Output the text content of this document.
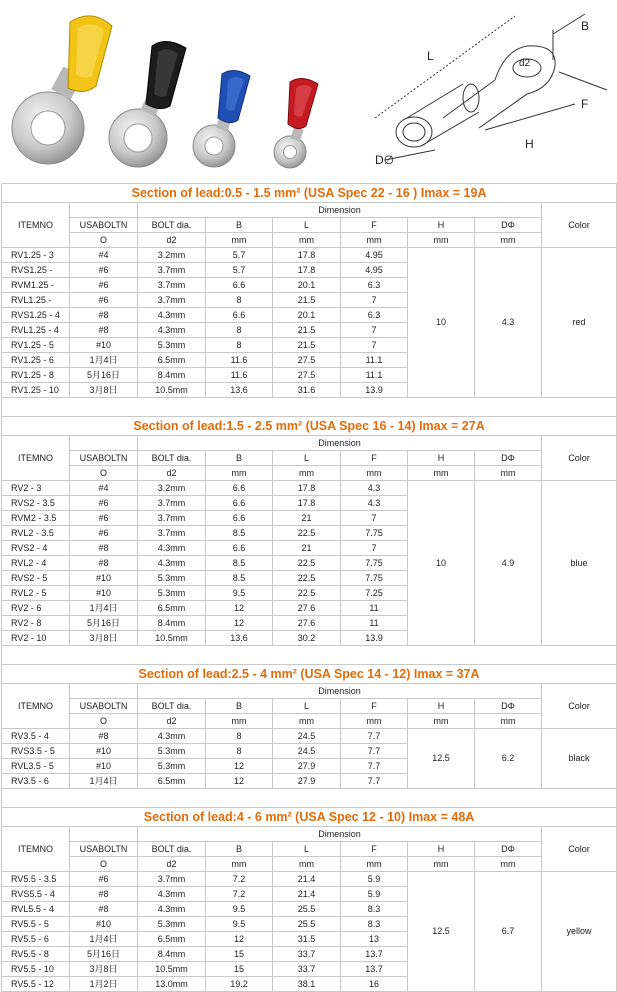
B
L
d2
F
H
D∅
Section of lead:0.5 - 1.5 mm² (USA Spec 22 - 16 ) Imax = 19A								
ITEMNO		Dimension						Color
	USABOLTN	BOLT dia.	B	L	F	H	DΦ	
	O	d2	mm	mm	mm	mm	mm	
RV1.25 - 3	#4	3.2mm	5.7	17.8	4.95	10	4.3	red
RVS1.25 -	#6	3.7mm	5.7	17.8	4.95			
RVM1.25 -	#6	3.7mm	6.6	20.1	6.3			
RVL1.25 -	#6	3.7mm	8	21.5	7			
RVS1.25 - 4	#8	4.3mm	6.6	20.1	6.3			
RVL1.25 - 4	#8	4.3mm	8	21.5	7			
RV1.25 - 5	#10	5.3mm	8	21.5	7			
RV1.25 - 6	1月4日	6.5mm	11.6	27.5	11.1			
RV1.25 - 8	5月16日	8.4mm	11.6	27.5	11.1			
RV1.25 - 10	3月8日	10.5mm	13.6	31.6	13.9			

Section of lead:1.5 - 2.5 mm² (USA Spec 16 - 14) Imax = 27A								
ITEMNO		Dimension						Color
	USABOLTN	BOLT dia.	B	L	F	H	DΦ	
	O	d2	mm	mm	mm	mm	mm	
RV2 - 3	#4	3.2mm	6.6	17.8	4.3	10	4.9	blue
RVS2 - 3.5	#6	3.7mm	6.6	17.8	4.3			
RVM2 - 3.5	#6	3.7mm	6.6	21	7			
RVL2 - 3.5	#6	3.7mm	8.5	22.5	7.75			
RVS2 - 4	#8	4.3mm	6.6	21	7			
RVL2 - 4	#8	4.3mm	8.5	22.5	7.75			
RVS2 - 5	#10	5.3mm	8.5	22.5	7.75			
RVL2 - 5	#10	5.3mm	9.5	22.5	7.25			
RV2 - 6	1月4日	6.5mm	12	27.6	11			
RV2 - 8	5月16日	8.4mm	12	27.6	11			
RV2 - 10	3月8日	10.5mm	13.6	30.2	13.9			

Section of lead:2.5 - 4 mm² (USA Spec 14 - 12) Imax = 37A								
ITEMNO		Dimension						Color
	USABOLTN	BOLT dia.	B	L	F	H	DΦ	
	O	d2	mm	mm	mm	mm	mm	
RV3.5 - 4	#8	4.3mm	8	24.5	7.7	12.5	6.2	black
RVS3.5 - 5	#10	5.3mm	8	24.5	7.7			
RVL3.5 - 5	#10	5.3mm	12	27.9	7.7			
RV3.5 - 6	1月4日	6.5mm	12	27.9	7.7			

Section of lead:4 - 6 mm² (USA Spec 12 - 10) Imax = 48A								
ITEMNO		Dimension						Color
	USABOLTN	BOLT dia.	B	L	F	H	DΦ	
	O	d2	mm	mm	mm	mm	mm	
RV5.5 - 3.5	#6	3.7mm	7.2	21.4	5.9	12.5	6.7	yellow
RVS5.5 - 4	#8	4.3mm	7.2	21.4	5.9			
RVL5.5 - 4	#8	4.3mm	9.5	25.5	8.3			
RV5.5 - 5	#10	5.3mm	9.5	25.5	8.3			
RV5.5 - 6	1月4日	6.5mm	12	31.5	13			
RV5.5 - 8	5月16日	8.4mm	15	33.7	13.7			
RV5.5 - 10	3月8日	10.5mm	15	33.7	13.7			
RV5.5 - 12	1月2日	13.0mm	19.2	38.1	16			
